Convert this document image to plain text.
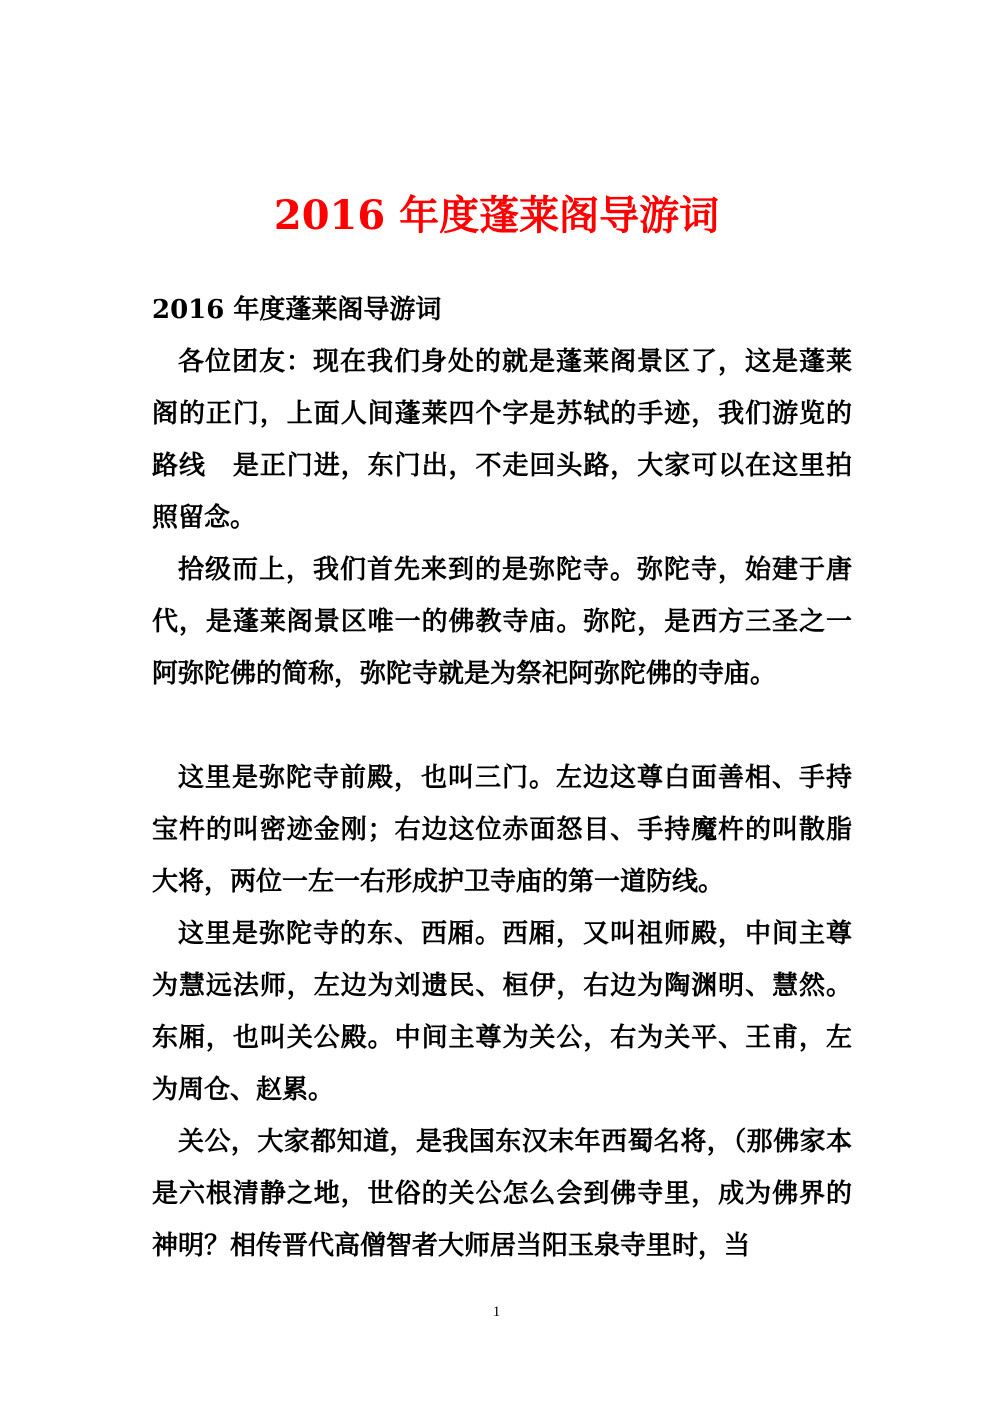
2016 年度蓬莱阁导游词

2016 年度蓬莱阁导游词

各位团友：现在我们身处的就是蓬莱阁景区了，这是蓬莱阁的正门，上面人间蓬莱四个字是苏轼的手迹，我们游览的路线　是正门进，东门出，不走回头路，大家可以在这里拍照留念。

拾级而上，我们首先来到的是弥陀寺。弥陀寺，始建于唐代，是蓬莱阁景区唯一的佛教寺庙。弥陀，是西方三圣之一阿弥陀佛的简称，弥陀寺就是为祭祀阿弥陀佛的寺庙。

这里是弥陀寺前殿，也叫三门。左边这尊白面善相、手持宝杵的叫密迹金刚；右边这位赤面怒目、手持魔杵的叫散脂大将，两位一左一右形成护卫寺庙的第一道防线。

这里是弥陀寺的东、西厢。西厢，又叫祖师殿，中间主尊为慧远法师，左边为刘遗民、桓伊，右边为陶渊明、慧然。东厢，也叫关公殿。中间主尊为关公，右为关平、王甫，左为周仓、赵累。

关公，大家都知道，是我国东汉末年西蜀名将，（那佛家本是六根清静之地，世俗的关公怎么会到佛寺里，成为佛界的神明？相传晋代高僧智者大师居当阳玉泉寺里时，当

1
